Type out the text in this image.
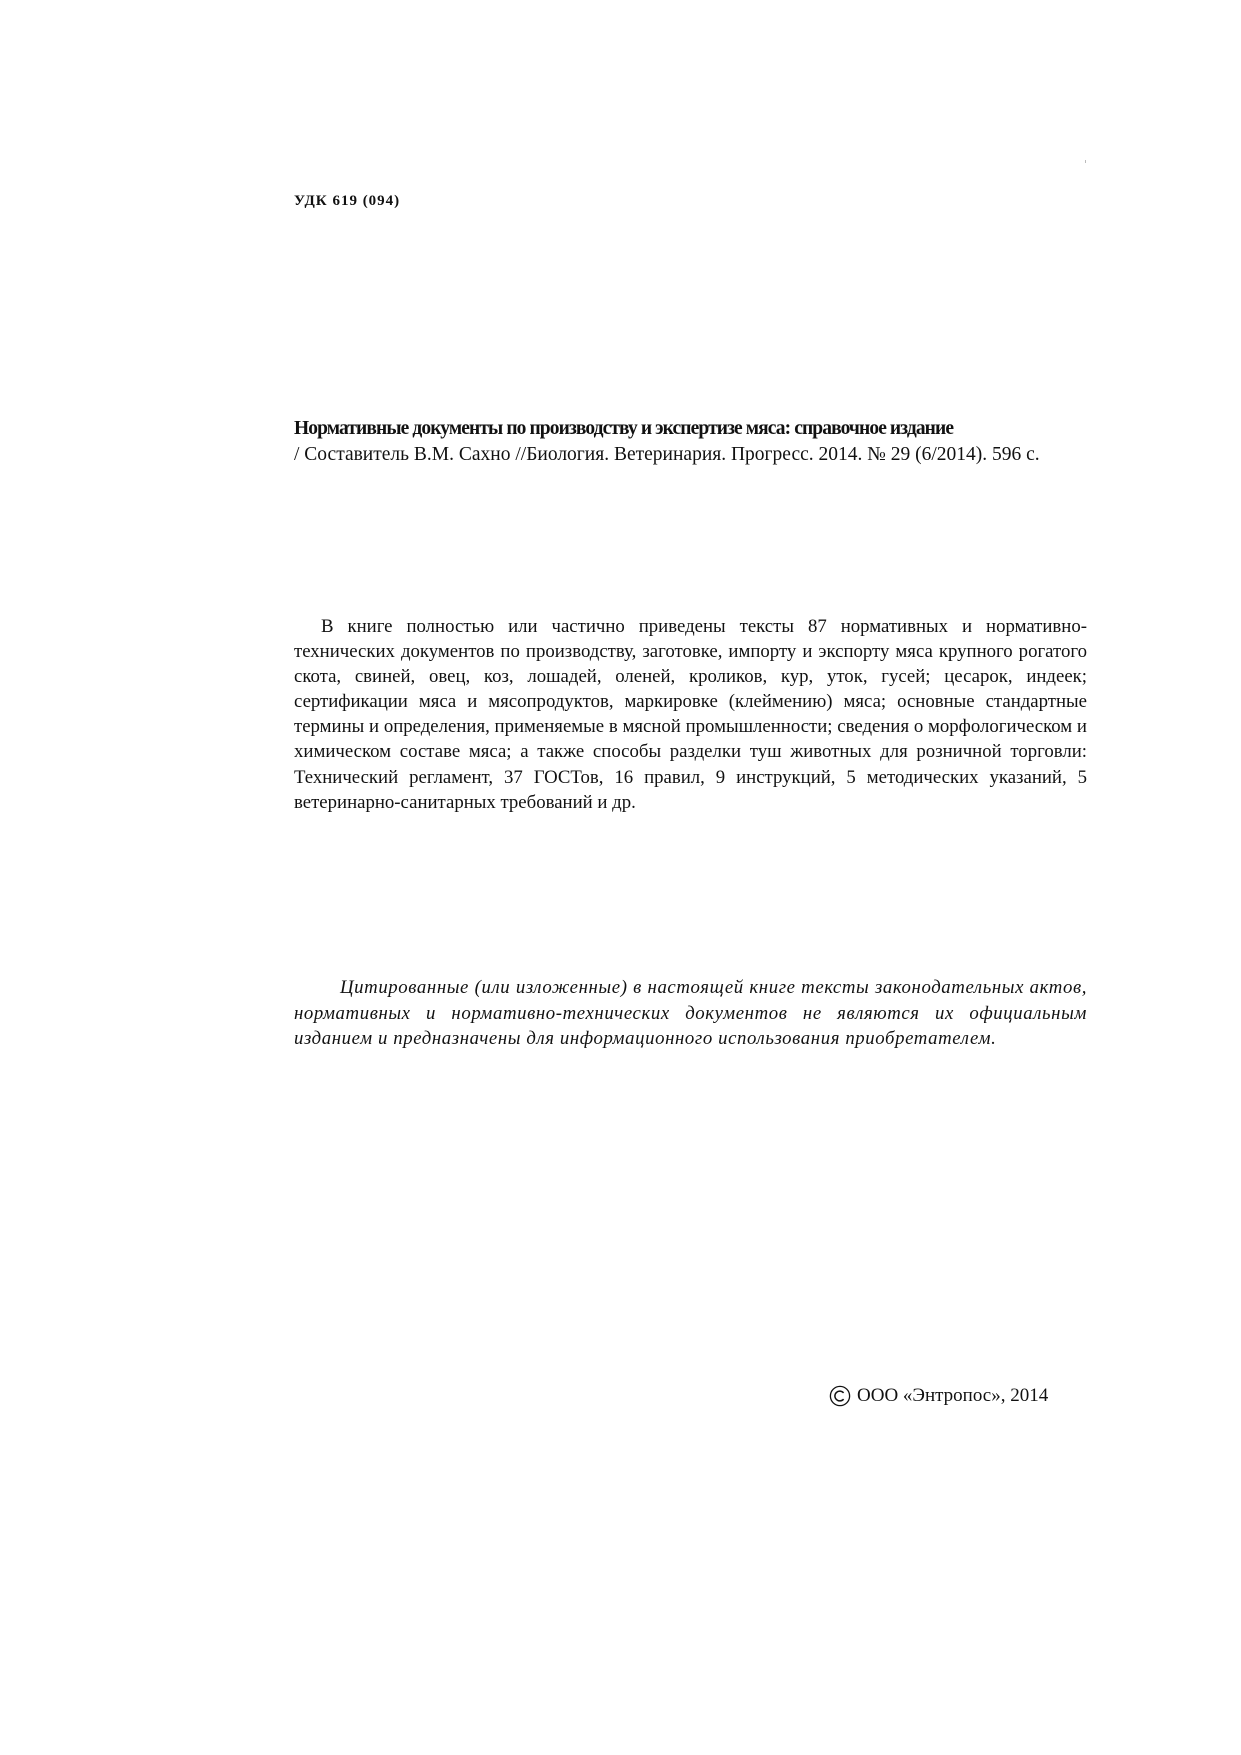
УДК 619 (094)
Нормативные документы по производству и экспертизе мяса: справочное издание
/ Составитель В.М. Сахно //Биология. Ветеринария. Прогресс. 2014. № 29 (6/2014). 596 с.

В книге полностью или частично приведены тексты 87 нормативных и нормативно-технических документов по производству, заготовке, импорту и экспорту мяса крупного рогатого скота, свиней, овец, коз, лошадей, оленей, кроликов, кур, уток, гусей; цесарок, индеек; сертификации мяса и мясопродуктов, маркировке (клеймению) мяса; основные стандартные термины и определения, применяемые в мясной промышленности; сведения о морфологическом и химическом составе мяса; а также способы разделки туш животных для розничной торговли: Технический регламент, 37 ГОСТов, 16 правил, 9 инструкций, 5 методических указаний, 5 ветеринарно-санитарных требований и др.

Цитированные (или изложенные) в настоящей книге тексты законодательных актов, нормативных и нормативно-технических документов не являются их официальным изданием и предназначены для информационного использования приобретателем.

ООО «Энтропос», 2014
